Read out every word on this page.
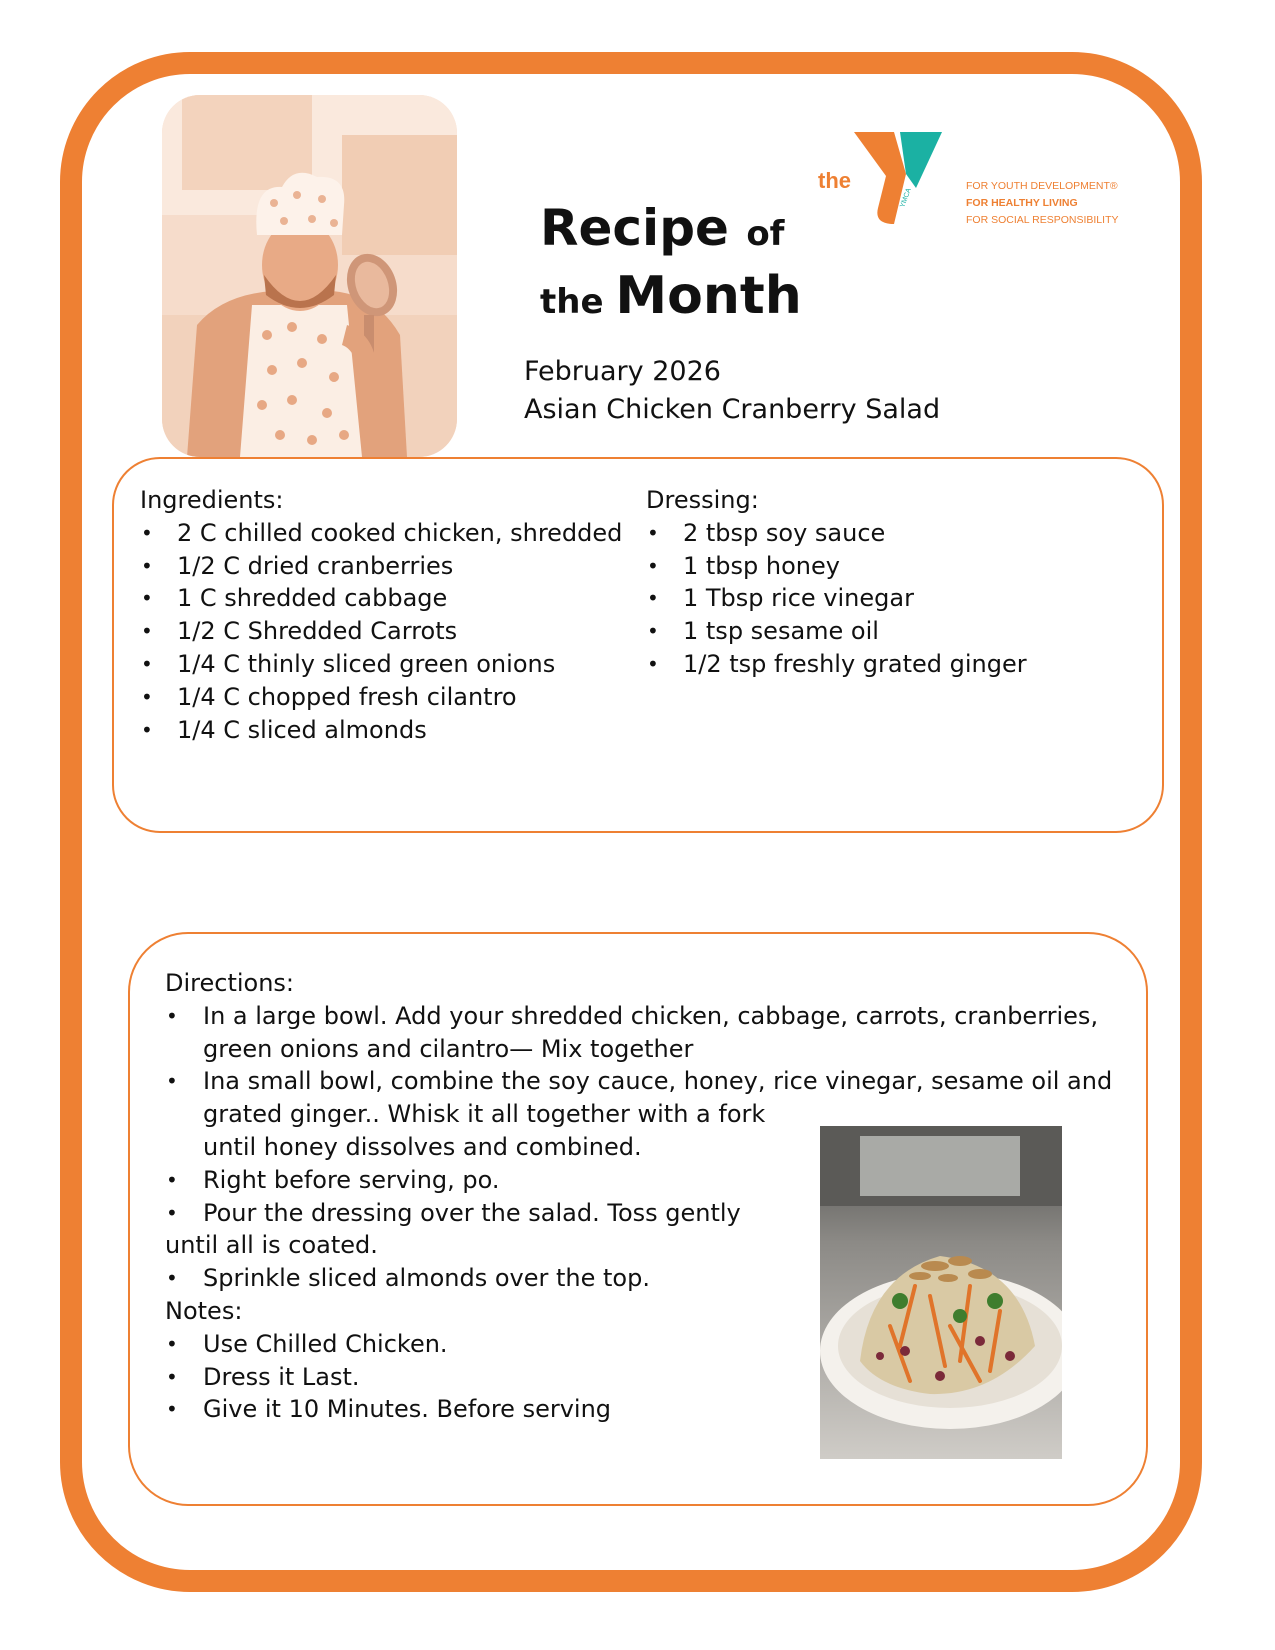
Recipe of
the Month
February 2026
Asian Chicken Cranberry Salad
the
YMCA
FOR YOUTH DEVELOPMENT®
FOR HEALTHY LIVING
FOR SOCIAL RESPONSIBILITY
Ingredients:
• 2 C chilled cooked chicken, shredded
• 1/2 C dried cranberries
• 1 C shredded cabbage
• 1/2 C Shredded Carrots
• 1/4 C thinly sliced green onions
• 1/4 C chopped fresh cilantro
• 1/4 C sliced almonds
Dressing:
• 2 tbsp soy sauce
• 1 tbsp honey
• 1 Tbsp rice vinegar
• 1 tsp sesame oil
• 1/2 tsp freshly grated ginger
Directions:
• In a large bowl. Add your shredded chicken, cabbage, carrots, cranberries,
green onions and cilantro— Mix together
• Ina small bowl, combine the soy cauce, honey, rice vinegar, sesame oil and
grated ginger.. Whisk it all together with a fork
until honey dissolves and combined.
• Right before serving, po.
• Pour the dressing over the salad. Toss gently
until all is coated.
• Sprinkle sliced almonds over the top.
Notes:
• Use Chilled Chicken.
• Dress it Last.
• Give it 10 Minutes. Before serving
